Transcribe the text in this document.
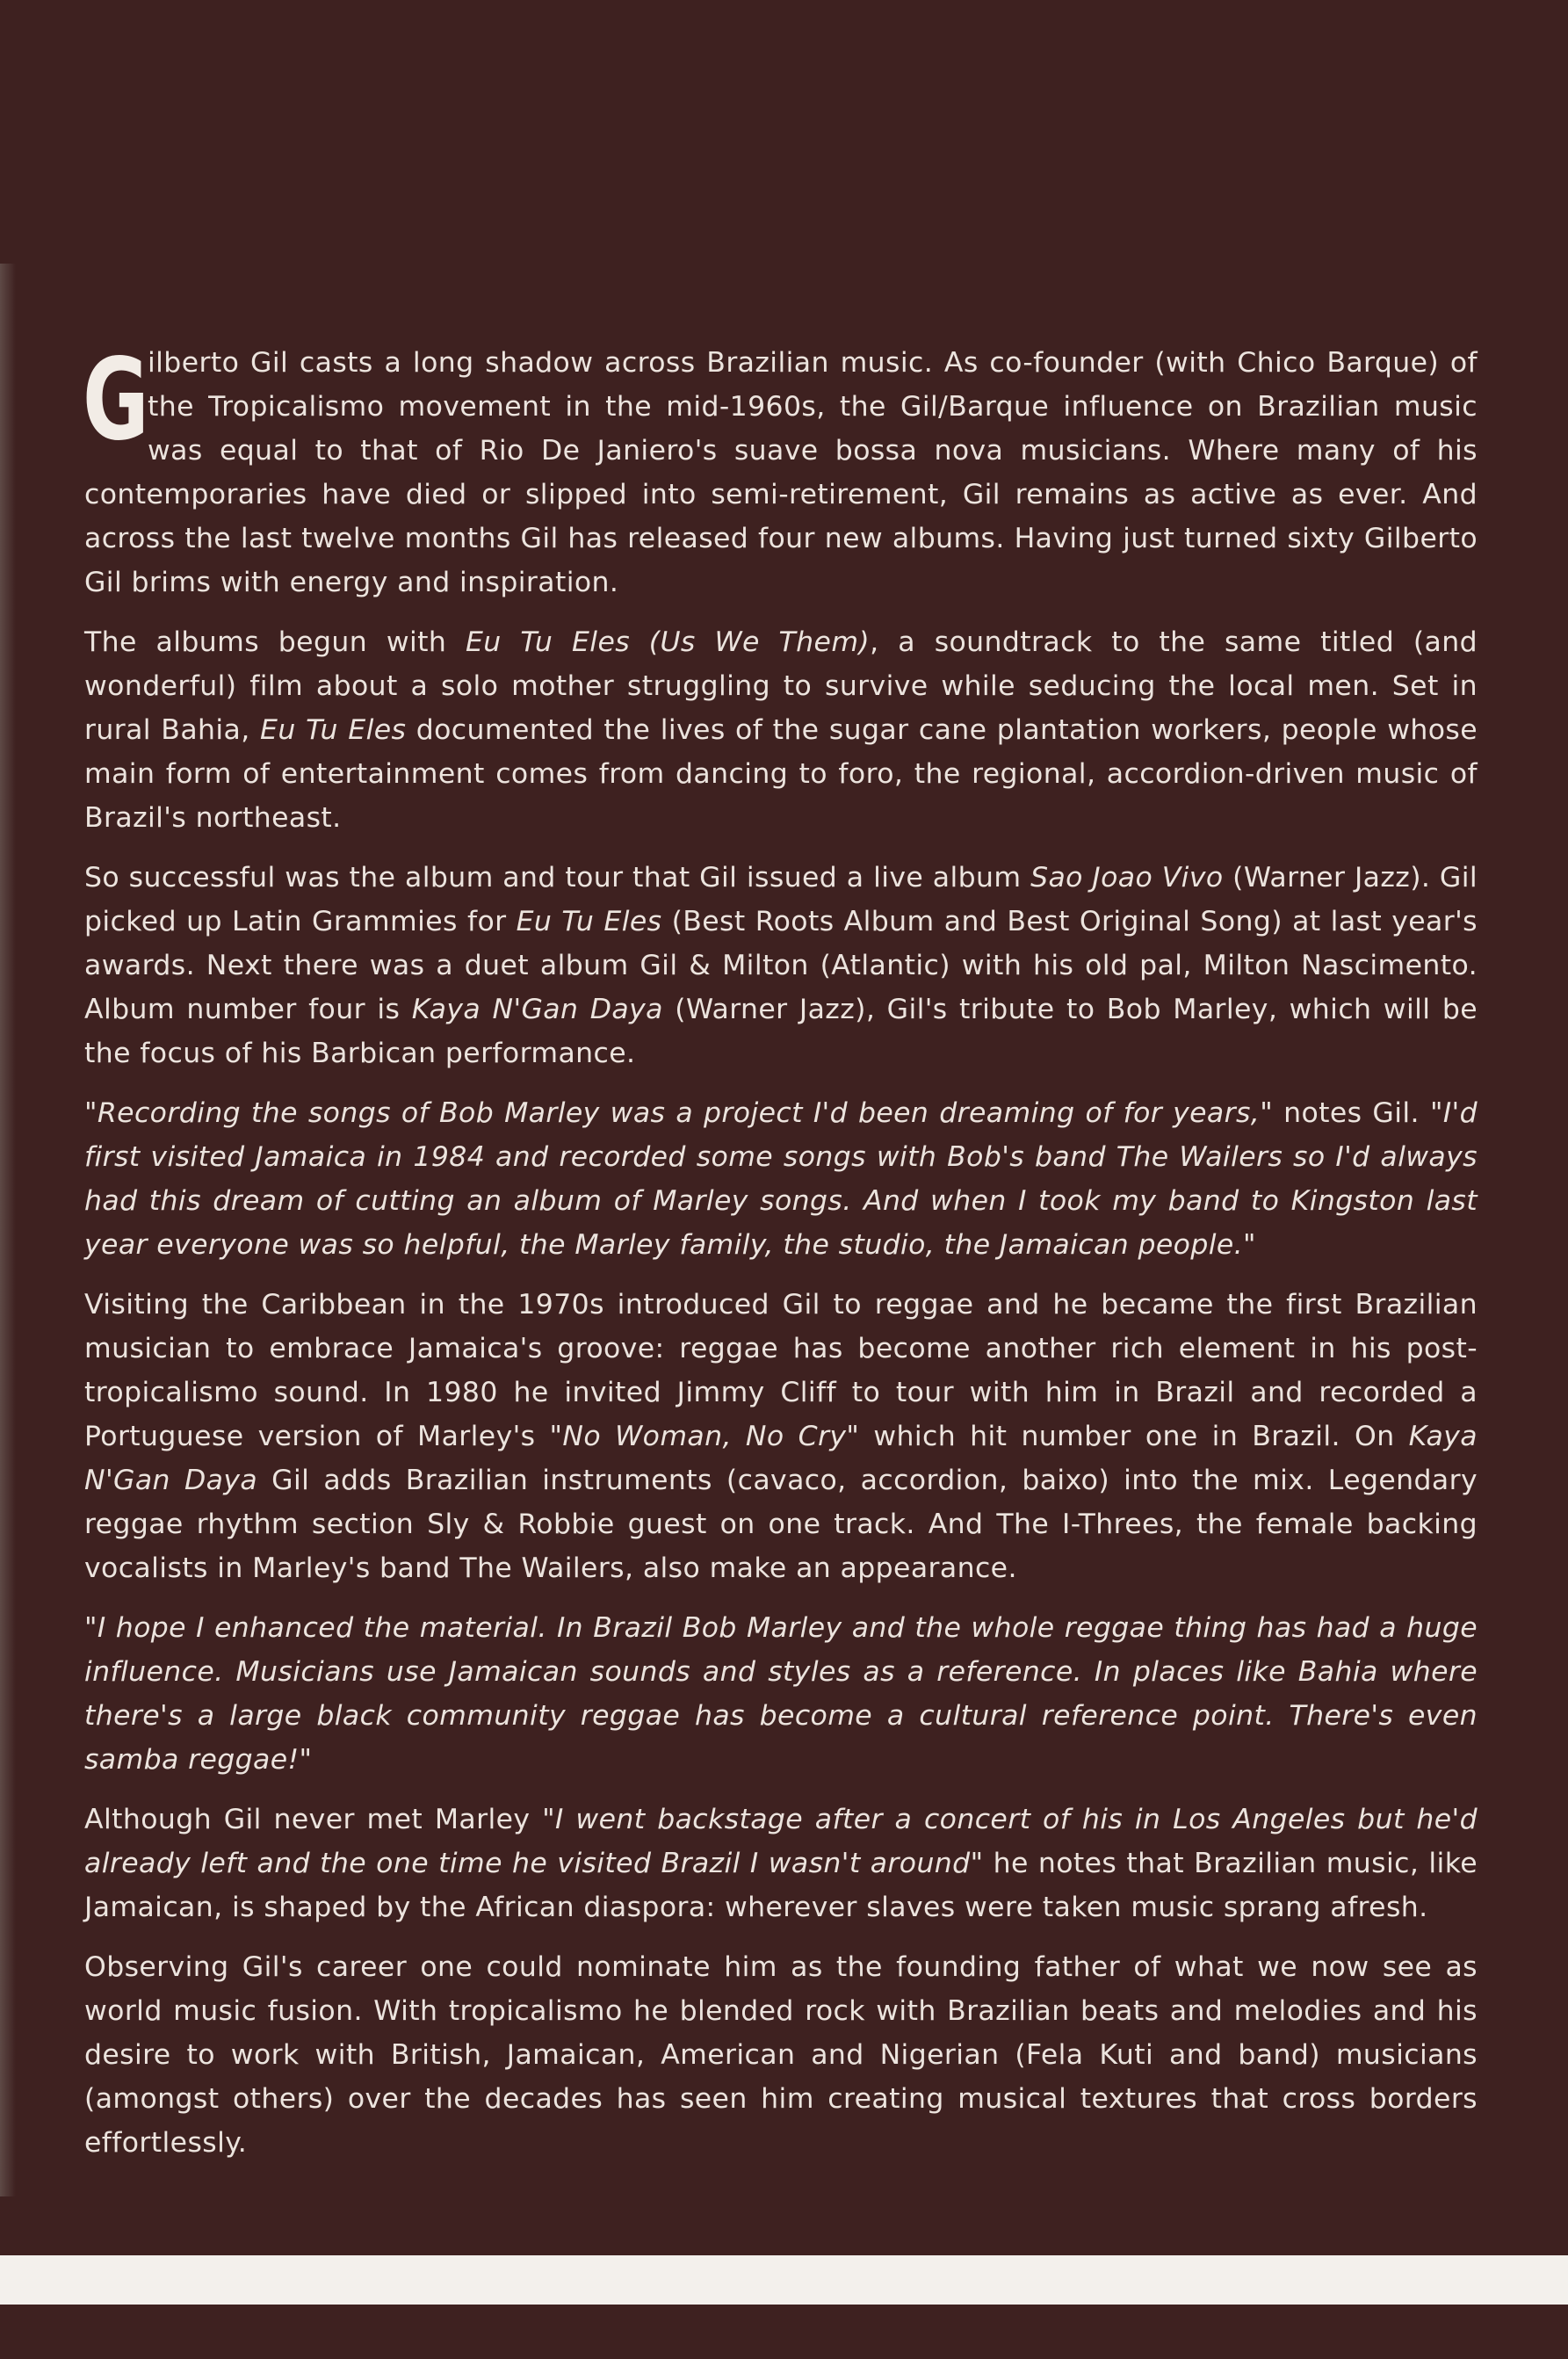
G
ilberto Gil casts a long shadow across Brazilian music. As co-founder (with Chico Barque) of the Tropicalismo movement in the mid-1960s, the Gil/Barque influence on Brazilian music was equal to that of Rio De Janiero's suave bossa nova musicians. Where many of his contemporaries have died or slipped into semi-retirement, Gil remains as active as ever. And across the last twelve months Gil has released four new albums. Having just turned sixty Gilberto Gil brims with energy and inspiration.

The albums begun with Eu Tu Eles (Us We Them), a soundtrack to the same titled (and wonderful) film about a solo mother struggling to survive while seducing the local men. Set in rural Bahia, Eu Tu Eles documented the lives of the sugar cane plantation workers, people whose main form of entertainment comes from dancing to foro, the regional, accordion-driven music of Brazil's northeast.

So successful was the album and tour that Gil issued a live album Sao Joao Vivo (Warner Jazz). Gil picked up Latin Grammies for Eu Tu Eles (Best Roots Album and Best Original Song) at last year's awards. Next there was a duet album Gil & Milton (Atlantic) with his old pal, Milton Nascimento. Album number four is Kaya N'Gan Daya (Warner Jazz), Gil's tribute to Bob Marley, which will be the focus of his Barbican performance.

"Recording the songs of Bob Marley was a project I'd been dreaming of for years," notes Gil. "I'd first visited Jamaica in 1984 and recorded some songs with Bob's band The Wailers so I'd always had this dream of cutting an album of Marley songs. And when I took my band to Kingston last year everyone was so helpful, the Marley family, the studio, the Jamaican people."

Visiting the Caribbean in the 1970s introduced Gil to reggae and he became the first Brazilian musician to embrace Jamaica's groove: reggae has become another rich element in his post-tropicalismo sound. In 1980 he invited Jimmy Cliff to tour with him in Brazil and recorded a Portuguese version of Marley's "No Woman, No Cry" which hit number one in Brazil. On Kaya N'Gan Daya Gil adds Brazilian instruments (cavaco, accordion, baixo) into the mix. Legendary reggae rhythm section Sly & Robbie guest on one track. And The I-Threes, the female backing vocalists in Marley's band The Wailers, also make an appearance.

"I hope I enhanced the material. In Brazil Bob Marley and the whole reggae thing has had a huge influence. Musicians use Jamaican sounds and styles as a reference. In places like Bahia where there's a large black community reggae has become a cultural reference point. There's even samba reggae!"

Although Gil never met Marley "I went backstage after a concert of his in Los Angeles but he'd already left and the one time he visited Brazil I wasn't around" he notes that Brazilian music, like Jamaican, is shaped by the African diaspora: wherever slaves were taken music sprang afresh.

Observing Gil's career one could nominate him as the founding father of what we now see as world music fusion. With tropicalismo he blended rock with Brazilian beats and melodies and his desire to work with British, Jamaican, American and Nigerian (Fela Kuti and band) musicians (amongst others) over the decades has seen him creating musical textures that cross borders effortlessly.
